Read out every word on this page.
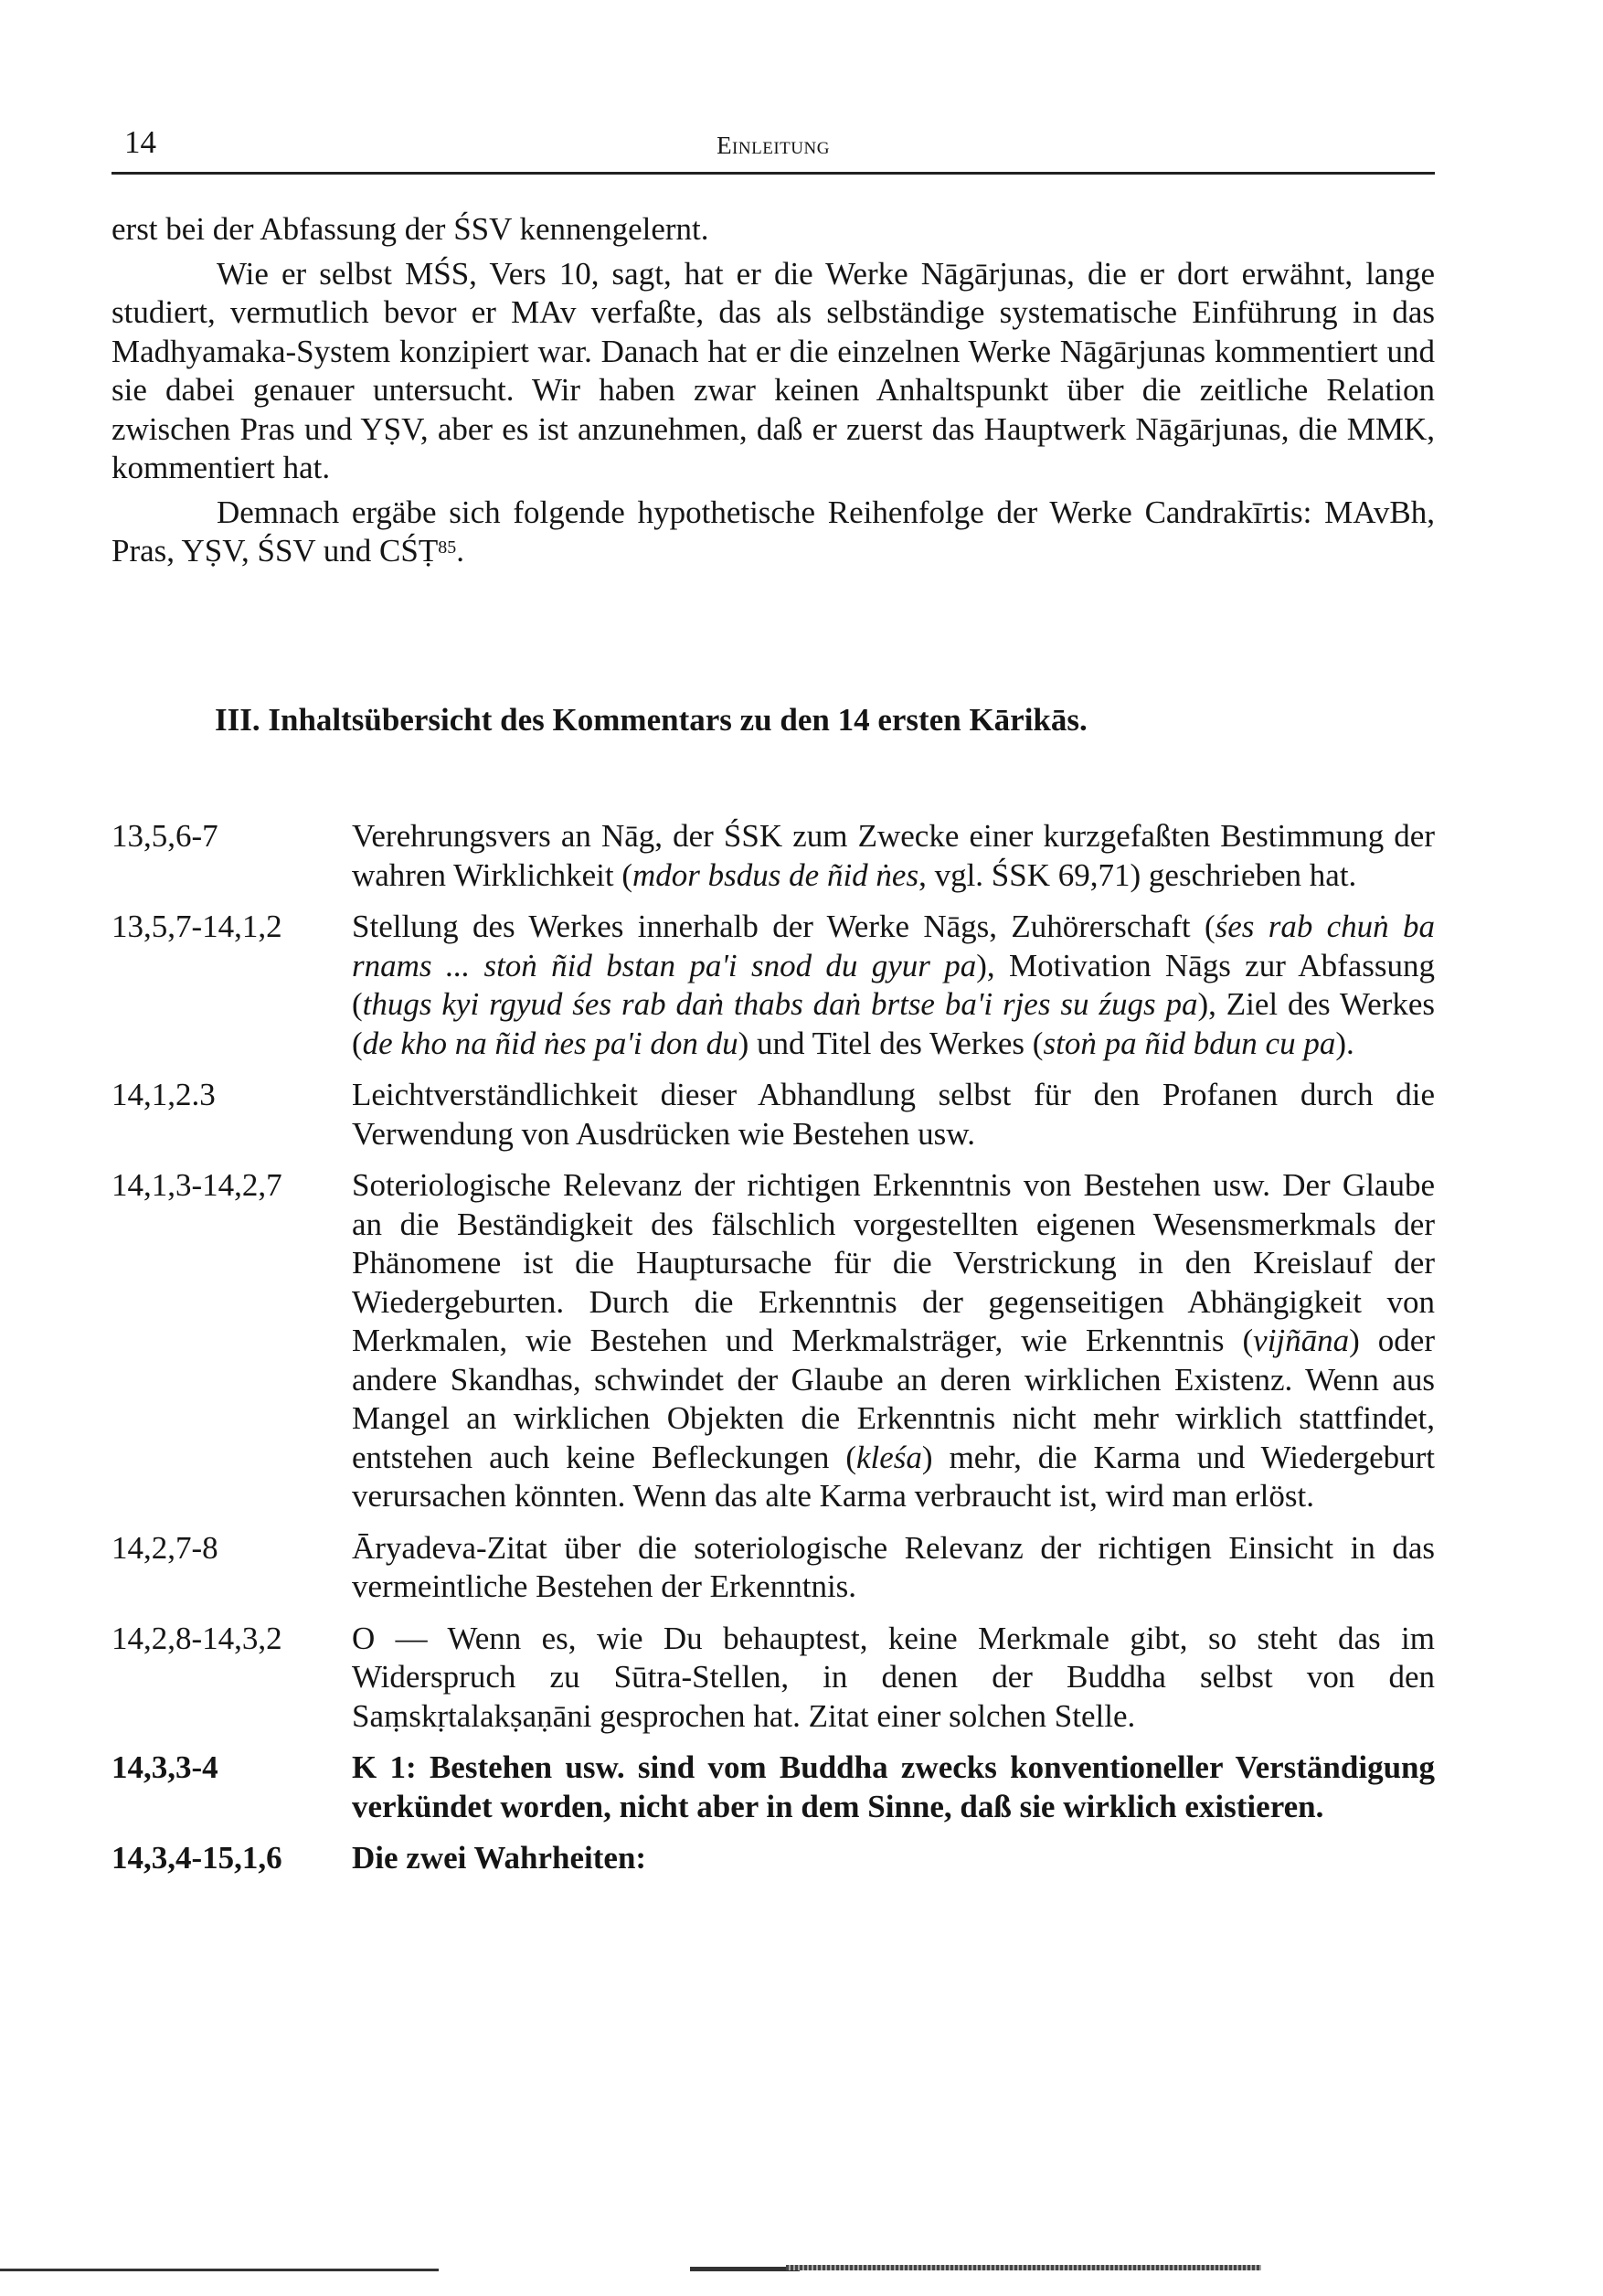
14	Einleitung

erst bei der Abfassung der ŚSV kennengelernt.

Wie er selbst MŚS, Vers 10, sagt, hat er die Werke Nāgārjunas, die er dort erwähnt, lange studiert, vermutlich bevor er MAv verfaßte, das als selbständige systematische Einführung in das Madhyamaka-System konzipiert war. Danach hat er die einzelnen Werke Nāgārjunas kommentiert und sie dabei genauer untersucht. Wir haben zwar keinen Anhaltspunkt über die zeitliche Relation zwischen Pras und YṢV, aber es ist anzunehmen, daß er zuerst das Hauptwerk Nāgārjunas, die MMK, kommentiert hat.

Demnach ergäbe sich folgende hypothetische Reihenfolge der Werke Candrakīrtis: MAvBh, Pras, YṢV, ŚSV und CŚṬ$^{85}$.

III. Inhaltsübersicht des Kommentars zu den 14 ersten Kārikās.
13,5,6-7	Verehrungsvers an Nāg, der ŚSK zum Zwecke einer kurzgefaßten Bestimmung der wahren Wirklichkeit (mdor bsdus de ñid ṅes, vgl. ŚSK 69,71) geschrieben hat.
13,5,7-14,1,2	Stellung des Werkes innerhalb der Werke Nāgs, Zuhörerschaft (śes rab chuṅ ba rnams ... stoṅ ñid bstan pa'i snod du gyur pa), Motivation Nāgs zur Abfassung (thugs kyi rgyud śes rab daṅ thabs daṅ brtse ba'i rjes su źugs pa), Ziel des Werkes (de kho na ñid ṅes pa'i don du) und Titel des Werkes (stoṅ pa ñid bdun cu pa).
14,1,2.3	Leichtverständlichkeit dieser Abhandlung selbst für den Profanen durch die Verwendung von Ausdrücken wie Bestehen usw.
14,1,3-14,2,7	Soteriologische Relevanz der richtigen Erkenntnis von Bestehen usw. Der Glaube an die Beständigkeit des fälschlich vorgestellten eigenen Wesensmerkmals der Phänomene ist die Hauptursache für die Verstrickung in den Kreislauf der Wiedergeburten. Durch die Erkenntnis der gegenseitigen Abhängigkeit von Merkmalen, wie Bestehen und Merkmalsträger, wie Erkenntnis (vijñāna) oder andere Skandhas, schwindet der Glaube an deren wirklichen Existenz. Wenn aus Mangel an wirklichen Objekten die Erkenntnis nicht mehr wirklich stattfindet, entstehen auch keine Befleckungen (kleśa) mehr, die Karma und Wiedergeburt verursachen könnten. Wenn das alte Karma verbraucht ist, wird man erlöst.
14,2,7-8	Āryadeva-Zitat über die soteriologische Relevanz der richtigen Einsicht in das vermeintliche Bestehen der Erkenntnis.
14,2,8-14,3,2	O — Wenn es, wie Du behauptest, keine Merkmale gibt, so steht das im Widerspruch zu Sūtra-Stellen, in denen der Buddha selbst von den Saṃskṛtalakṣaṇāni gesprochen hat. Zitat einer solchen Stelle.
14,3,3-4	K 1: Bestehen usw. sind vom Buddha zwecks konventioneller Verständigung verkündet worden, nicht aber in dem Sinne, daß sie wirklich existieren.
14,3,4-15,1,6	Die zwei Wahrheiten:
